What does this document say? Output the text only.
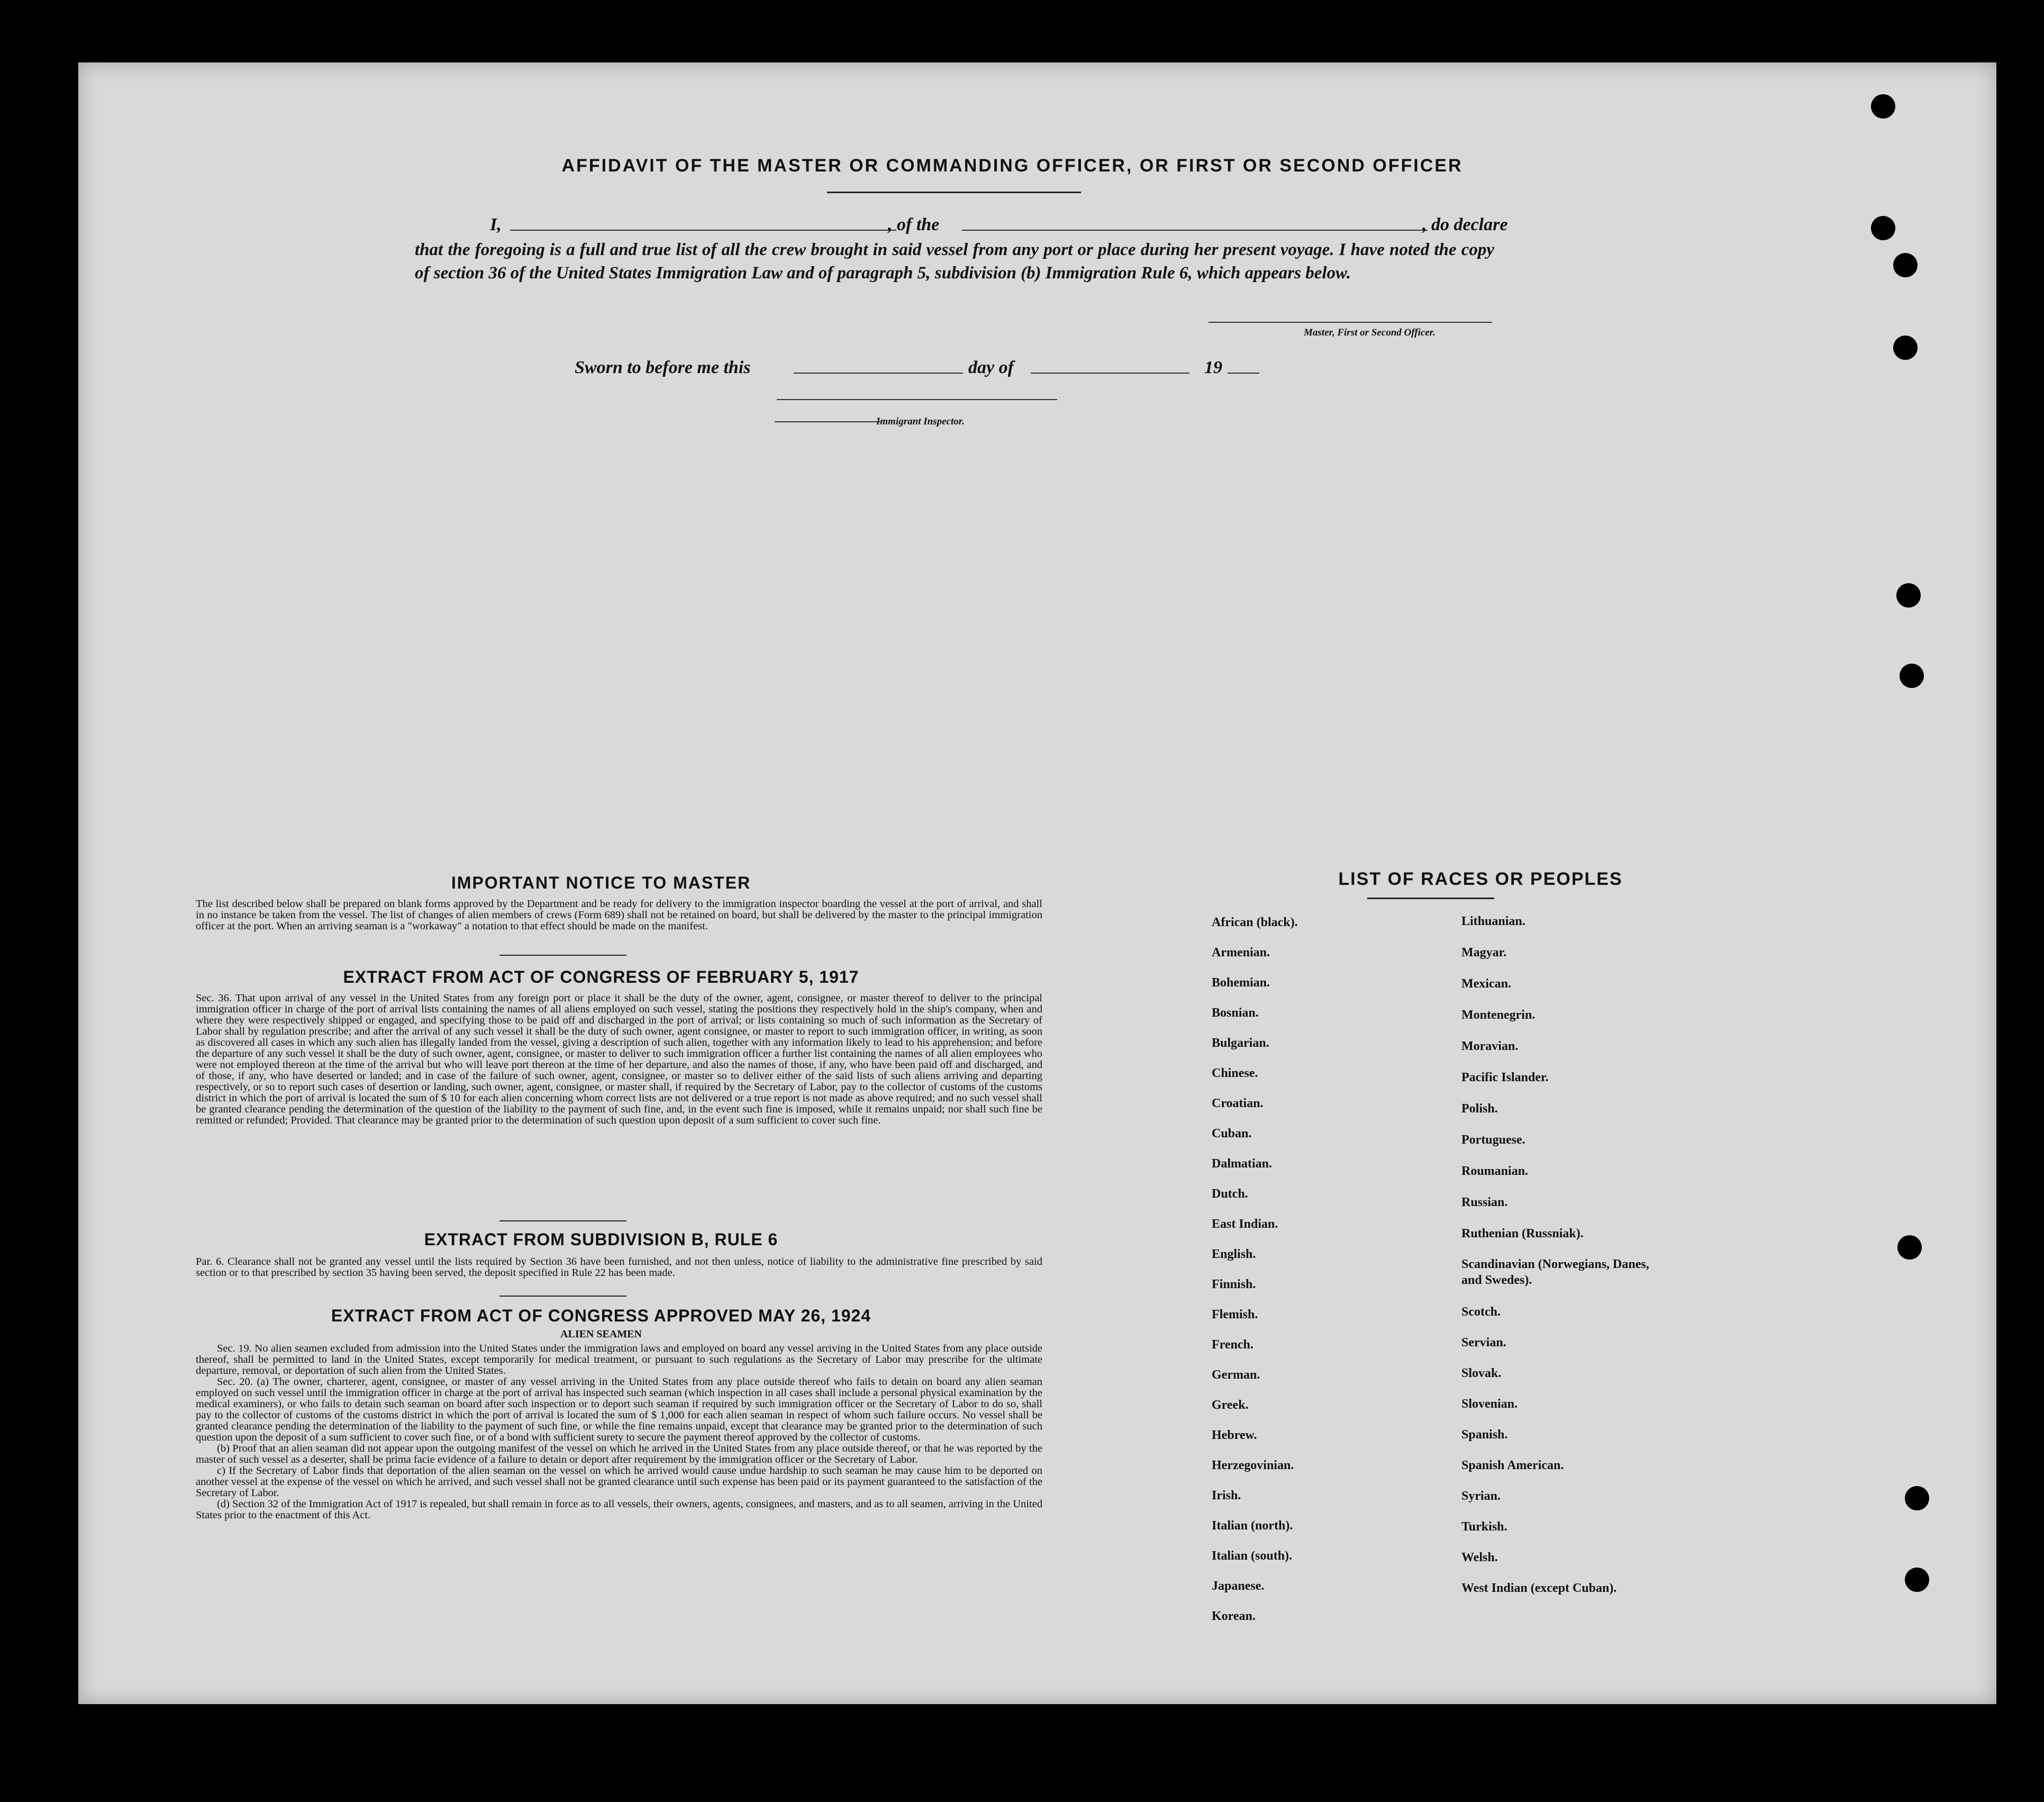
AFFIDAVIT OF THE MASTER OR COMMANDING OFFICER, OR FIRST OR SECOND OFFICER
I,	, of the	, do declare
that the foregoing is a full and true list of all the crew brought in said vessel from any port or place during her present voyage. I have noted the copy of section 36 of the United States Immigration Law and of paragraph 5, subdivision (b) Immigration Rule 6, which appears below.
Master, First or Second Officer.
Sworn to before me this	day of	19
Immigrant Inspector.
IMPORTANT NOTICE TO MASTER
The list described below shall be prepared on blank forms approved by the Department and be ready for delivery to the immigration inspector boarding the vessel at the port of arrival, and shall in no instance be taken from the vessel. The list of changes of alien members of crews (Form 689) shall not be retained on board, but shall be delivered by the master to the principal immigration officer at the port. When an arriving seaman is a "workaway" a notation to that effect should be made on the manifest.
EXTRACT FROM ACT OF CONGRESS OF FEBRUARY 5, 1917
Sec. 36. That upon arrival of any vessel in the United States from any foreign port or place it shall be the duty of the owner, agent, consignee, or master thereof to deliver to the principal immigration officer in charge of the port of arrival lists containing the names of all aliens employed on such vessel, stating the positions they respectively hold in the ship's company, when and where they were respectively shipped or engaged, and specifying those to be paid off and discharged in the port of arrival; or lists containing so much of such information as the Secretary of Labor shall by regulation prescribe; and after the arrival of any such vessel it shall be the duty of such owner, agent consignee, or master to report to such immigration officer, in writing, as soon as discovered all cases in which any such alien has illegally landed from the vessel, giving a description of such alien, together with any information likely to lead to his apprehension; and before the departure of any such vessel it shall be the duty of such owner, agent, consignee, or master to deliver to such immigration officer a further list containing the names of all alien employees who were not employed thereon at the time of the arrival but who will leave port thereon at the time of her departure, and also the names of those, if any, who have been paid off and discharged, and of those, if any, who have deserted or landed; and in case of the failure of such owner, agent, consignee, or master so to deliver either of the said lists of such aliens arriving and departing respectively, or so to report such cases of desertion or landing, such owner, agent, consignee, or master shall, if required by the Secretary of Labor, pay to the collector of customs of the customs district in which the port of arrival is located the sum of $ 10 for each alien concerning whom correct lists are not delivered or a true report is not made as above required; and no such vessel shall be granted clearance pending the determination of the question of the liability to the payment of such fine, and, in the event such fine is imposed, while it remains unpaid; nor shall such fine be remitted or refunded; Provided. That clearance may be granted prior to the determination of such question upon deposit of a sum sufficient to cover such fine.
EXTRACT FROM SUBDIVISION B, RULE 6
Par. 6. Clearance shall not be granted any vessel until the lists required by Section 36 have been furnished, and not then unless, notice of liability to the administrative fine prescribed by said section or to that prescribed by section 35 having been served, the deposit specified in Rule 22 has been made.
EXTRACT FROM ACT OF CONGRESS APPROVED MAY 26, 1924
ALIEN SEAMEN
Sec. 19. No alien seamen excluded from admission into the United States under the immigration laws and employed on board any vessel arriving in the United States from any place outside thereof, shall be permitted to land in the United States, except temporarily for medical treatment, or pursuant to such regulations as the Secretary of Labor may prescribe for the ultimate departure, removal, or deportation of such alien from the United States.
Sec. 20. (a) The owner, charterer, agent, consignee, or master of any vessel arriving in the United States from any place outside thereof who fails to detain on board any alien seaman employed on such vessel until the immigration officer in charge at the port of arrival has inspected such seaman (which inspection in all cases shall include a personal physical examination by the medical examiners), or who fails to detain such seaman on board after such inspection or to deport such seaman if required by such immigration officer or the Secretary of Labor to do so, shall pay to the collector of customs of the customs district in which the port of arrival is located the sum of $ 1,000 for each alien seaman in respect of whom such failure occurs. No vessel shall be granted clearance pending the determination of the liability to the payment of such fine, or while the fine remains unpaid, except that clearance may be granted prior to the determination of such question upon the deposit of a sum sufficient to cover such fine, or of a bond with sufficient surety to secure the payment thereof approved by the collector of customs.
(b) Proof that an alien seaman did not appear upon the outgoing manifest of the vessel on which he arrived in the United States from any place outside thereof, or that he was reported by the master of such vessel as a deserter, shall be prima facie evidence of a failure to detain or deport after requirement by the immigration officer or the Secretary of Labor.
c) If the Secretary of Labor finds that deportation of the alien seaman on the vessel on which he arrived would cause undue hardship to such seaman he may cause him to be deported on another vessel at the expense of the vessel on which he arrived, and such vessel shall not be granted clearance until such expense has been paid or its payment guaranteed to the satisfaction of the Secretary of Labor.
(d) Section 32 of the Immigration Act of 1917 is repealed, but shall remain in force as to all vessels, their owners, agents, consignees, and masters, and as to all seamen, arriving in the United States prior to the enactment of this Act.
LIST OF RACES OR PEOPLES
African (black).
Armenian.
Bohemian.
Bosnian.
Bulgarian.
Chinese.
Croatian.
Cuban.
Dalmatian.
Dutch.
East Indian.
English.
Finnish.
Flemish.
French.
German.
Greek.
Hebrew.
Herzegovinian.
Irish.
Italian (north).
Italian (south).
Japanese.
Korean.
Lithuanian.
Magyar.
Mexican.
Montenegrin.
Moravian.
Pacific Islander.
Polish.
Portuguese.
Roumanian.
Russian.
Ruthenian (Russniak).
Scandinavian (Norwegians, Danes, and Swedes).
Scotch.
Servian.
Slovak.
Slovenian.
Spanish.
Spanish American.
Syrian.
Turkish.
Welsh.
West Indian (except Cuban).
